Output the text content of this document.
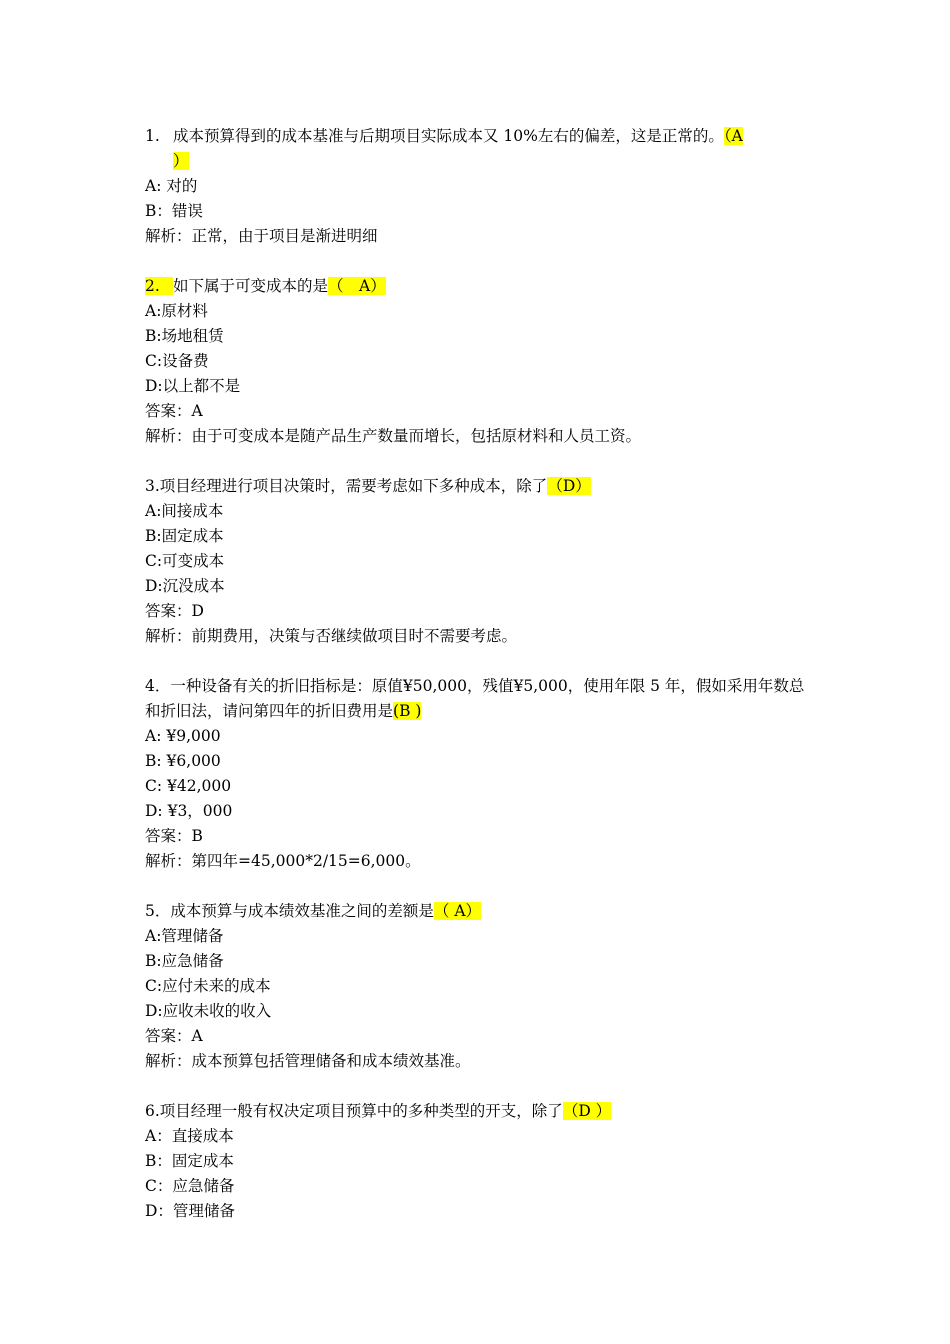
1. 成本预算得到的成本基准与后期项目实际成本又 10%左右的偏差，这是正常的。（A
）
A: 对的
B：错误
解析：正常，由于项目是渐进明细
2. 如下属于可变成本的是（　A）
A:原材料
B:场地租赁
C:设备费
D:以上都不是
答案：A
解析：由于可变成本是随产品生产数量而增长，包括原材料和人员工资。
3.项目经理进行项目决策时，需要考虑如下多种成本，除了（D）
A:间接成本
B:固定成本
C:可变成本
D:沉没成本
答案：D
解析：前期费用，决策与否继续做项目时不需要考虑。
4．一种设备有关的折旧指标是：原值¥50,000，残值¥5,000，使用年限 5 年，假如采用年数总和折旧法，请问第四年的折旧费用是(B )
A: ¥9,000
B: ¥6,000
C: ¥42,000
D: ¥3，000
答案：B
解析：第四年=45,000*2/15=6,000。
5．成本预算与成本绩效基准之间的差额是（ A）
A:管理储备
B:应急储备
C:应付未来的成本
D:应收未收的收入
答案：A
解析：成本预算包括管理储备和成本绩效基准。
6.项目经理一般有权决定项目预算中的多种类型的开支，除了（D ）
A：直接成本
B：固定成本
C：应急储备
D：管理储备
